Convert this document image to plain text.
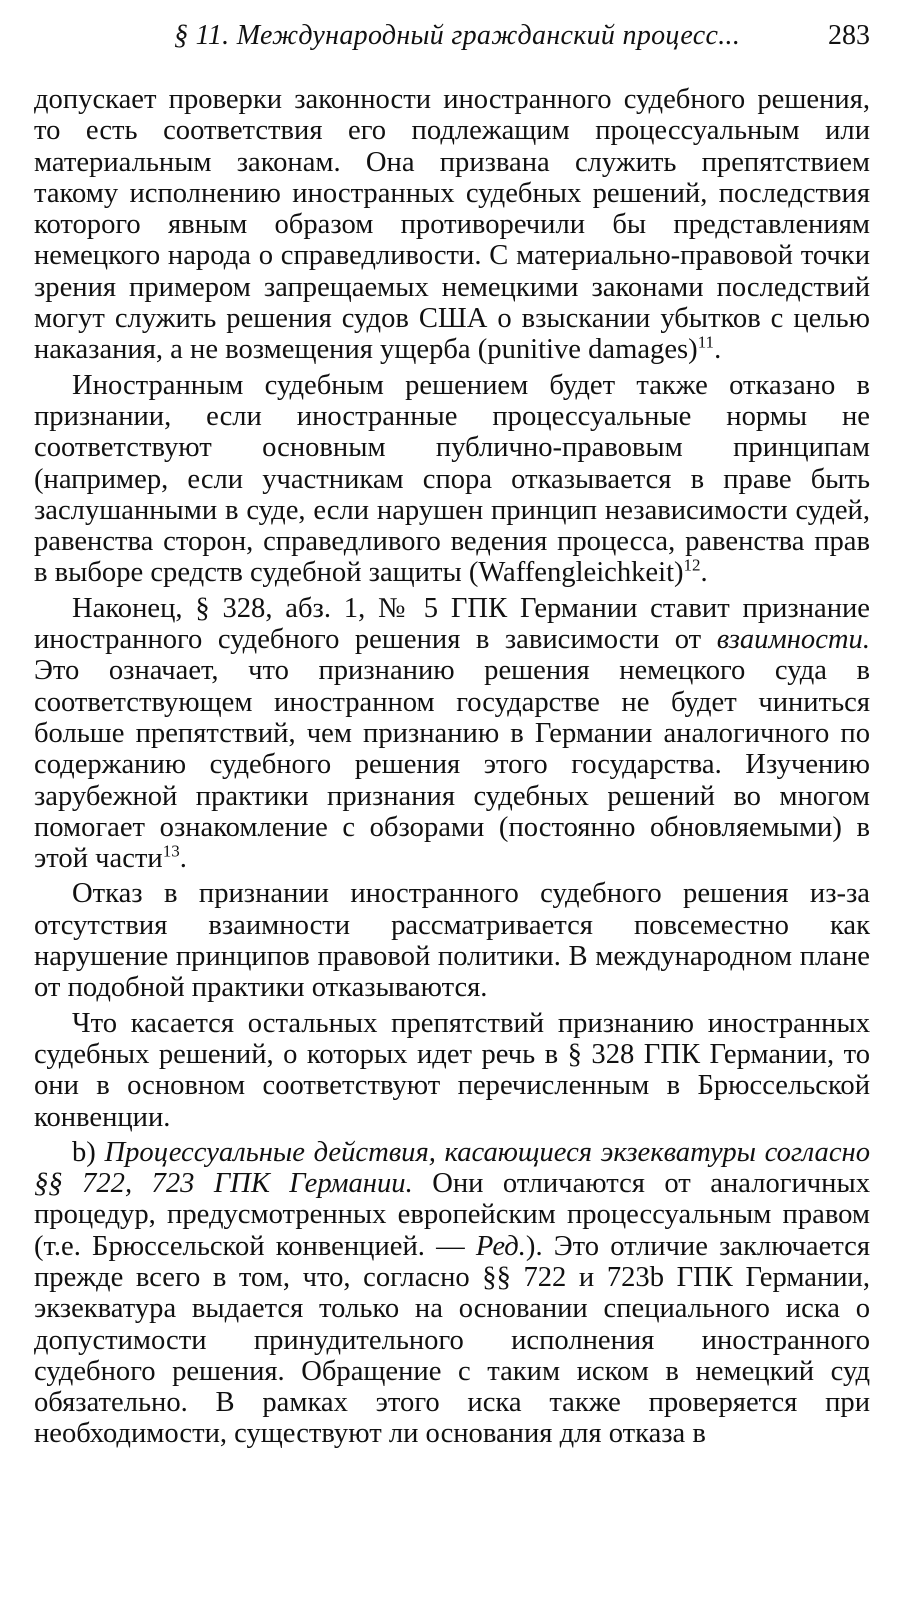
§ 11. Международный гражданский процесс...	283

допускает проверки законности иностранного судебного решения, то есть соответствия его подлежащим процессуальным или материальным законам. Она призвана служить препятствием такому исполнению иностранных судебных решений, последствия которого явным образом противоречили бы представлениям немецкого народа о справедливости. С материально-правовой точки зрения примером запрещаемых немецкими законами последствий могут служить решения судов США о взыскании убытков с целью наказания, а не возмещения ущерба (punitive damages)$^{11}$.

Иностранным судебным решением будет также отказано в признании, если иностранные процессуальные нормы не соответствуют основным публично-правовым принципам (например, если участникам спора отказывается в праве быть заслушанными в суде, если нарушен принцип независимости судей, равенства сторон, справедливого ведения процесса, равенства прав в выборе средств судебной защиты (Waffengleichkeit)$^{12}$.

Наконец, § 328, абз. 1, № 5 ГПК Германии ставит признание иностранного судебного решения в зависимости от взаимности. Это означает, что признанию решения немецкого суда в соответствующем иностранном государстве не будет чиниться больше препятствий, чем признанию в Германии аналогичного по содержанию судебного решения этого государства. Изучению зарубежной практики признания судебных решений во многом помогает ознакомление с обзорами (постоянно обновляемыми) в этой части$^{13}$.

Отказ в признании иностранного судебного решения из-за отсутствия взаимности рассматривается повсеместно как нарушение принципов правовой политики. В международном плане от подобной практики отказываются.

Что касается остальных препятствий признанию иностранных судебных решений, о которых идет речь в § 328 ГПК Германии, то они в основном соответствуют перечисленным в Брюссельской конвенции.

b) Процессуальные действия, касающиеся экзекватуры согласно §§ 722, 723 ГПК Германии. Они отличаются от аналогичных процедур, предусмотренных европейским процессуальным правом (т.е. Брюссельской конвенцией. — Ред.). Это отличие заключается прежде всего в том, что, согласно §§ 722 и 723b ГПК Германии, экзекватура выдается только на основании специального иска о допустимости принудительного исполнения иностранного судебного решения. Обращение с таким иском в немецкий суд обязательно. В рамках этого иска также проверяется при необходимости, существуют ли основания для отказа в
